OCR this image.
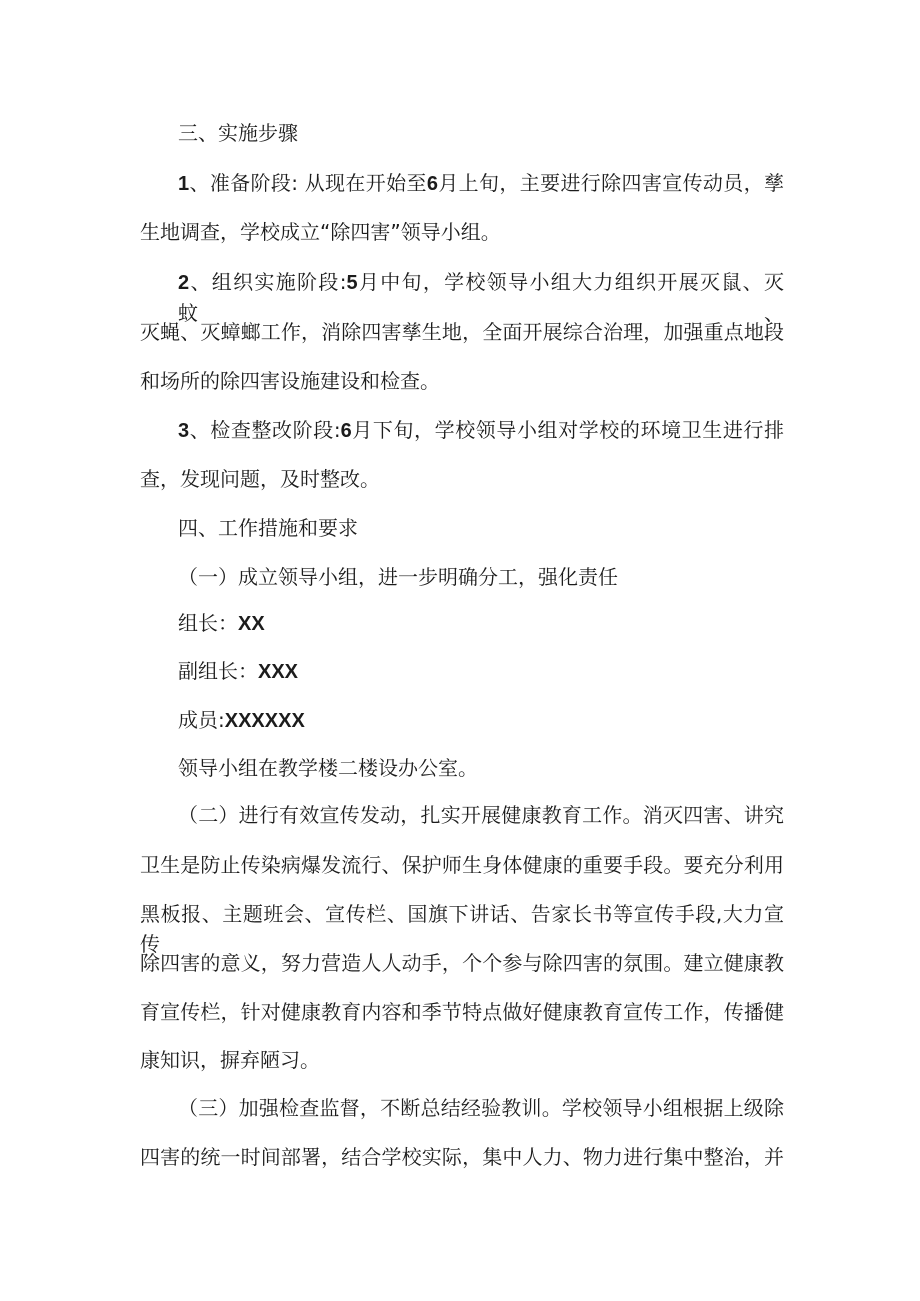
三、实施步骤
1、准备阶段: 从现在开始至6月上旬，主要进行除四害宣传动员，孳
生地调查，学校成立“除四害”领导小组。
2、组织实施阶段:5月中旬，学校领导小组大力组织开展灭鼠、灭蚊、
灭蝇、灭蟑螂工作，消除四害孳生地，全面开展综合治理，加强重点地段
和场所的除四害设施建设和检查。
3、检查整改阶段:6月下旬，学校领导小组对学校的环境卫生进行排
查，发现问题，及时整改。
四、工作措施和要求
（一）成立领导小组，进一步明确分工，强化责任
组长：XX
副组长：XXX
成员:XXXXXX
领导小组在教学楼二楼设办公室。
（二）进行有效宣传发动，扎实开展健康教育工作。消灭四害、讲究
卫生是防止传染病爆发流行、保护师生身体健康的重要手段。要充分利用
黑板报、主题班会、宣传栏、国旗下讲话、告家长书等宣传手段,大力宣传
除四害的意义，努力营造人人动手，个个参与除四害的氛围。建立健康教
育宣传栏，针对健康教育内容和季节特点做好健康教育宣传工作，传播健
康知识，摒弃陋习。
（三）加强检查监督，不断总结经验教训。学校领导小组根据上级除
四害的统一时间部署，结合学校实际，集中人力、物力进行集中整治，并
